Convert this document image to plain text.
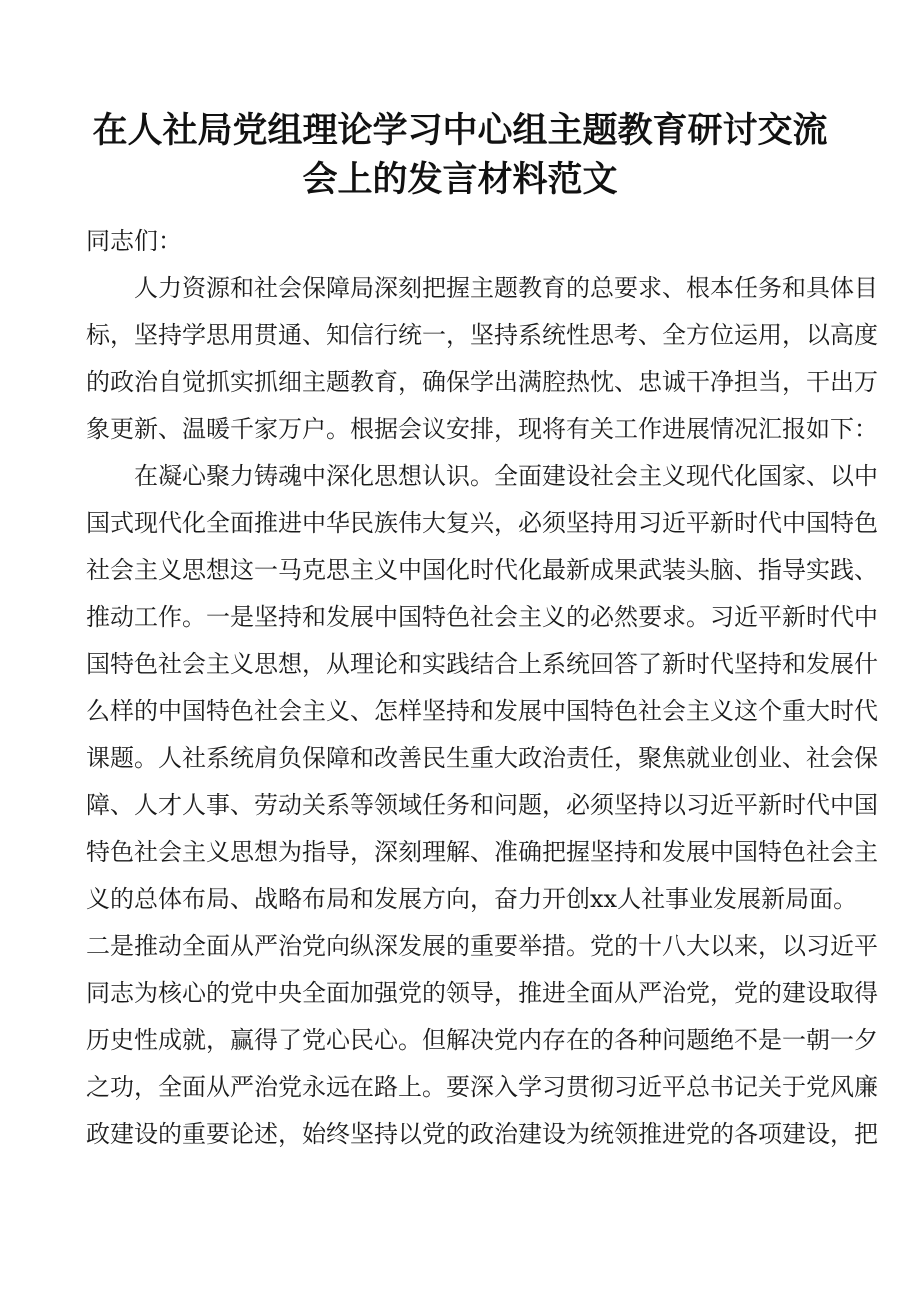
在人社局党组理论学习中心组主题教育研讨交流
会上的发言材料范文
同志们：
人力资源和社会保障局深刻把握主题教育的总要求、根本任务和具体目
标，坚持学思用贯通、知信行统一，坚持系统性思考、全方位运用，以高度
的政治自觉抓实抓细主题教育，确保学出满腔热忱、忠诚干净担当，干出万
象更新、温暖千家万户。根据会议安排，现将有关工作进展情况汇报如下：
在凝心聚力铸魂中深化思想认识。全面建设社会主义现代化国家、以中
国式现代化全面推进中华民族伟大复兴，必须坚持用习近平新时代中国特色
社会主义思想这一马克思主义中国化时代化最新成果武装头脑、指导实践、
推动工作。一是坚持和发展中国特色社会主义的必然要求。习近平新时代中
国特色社会主义思想，从理论和实践结合上系统回答了新时代坚持和发展什
么样的中国特色社会主义、怎样坚持和发展中国特色社会主义这个重大时代
课题。人社系统肩负保障和改善民生重大政治责任，聚焦就业创业、社会保
障、人才人事、劳动关系等领域任务和问题，必须坚持以习近平新时代中国
特色社会主义思想为指导，深刻理解、准确把握坚持和发展中国特色社会主
义的总体布局、战略布局和发展方向，奋力开创xx人社事业发展新局面。
二是推动全面从严治党向纵深发展的重要举措。党的十八大以来，以习近平
同志为核心的党中央全面加强党的领导，推进全面从严治党，党的建设取得
历史性成就，赢得了党心民心。但解决党内存在的各种问题绝不是一朝一夕
之功，全面从严治党永远在路上。要深入学习贯彻习近平总书记关于党风廉
政建设的重要论述，始终坚持以党的政治建设为统领推进党的各项建设，把
